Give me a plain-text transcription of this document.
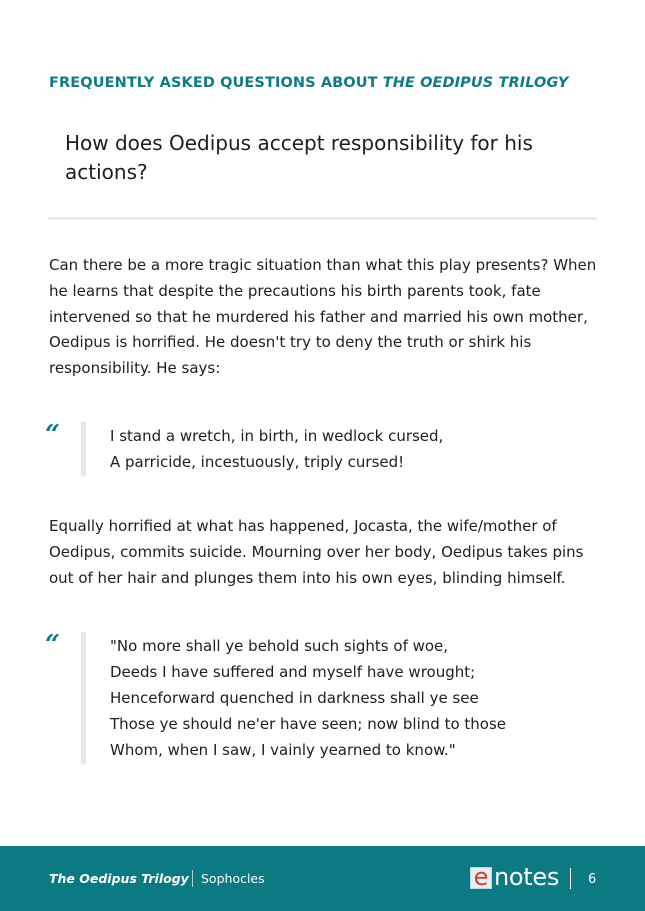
FREQUENTLY ASKED QUESTIONS ABOUT THE OEDIPUS TRILOGY
How does Oedipus accept responsibility for his actions?

Can there be a more tragic situation than what this play presents? When he learns that despite the precautions his birth parents took, fate intervened so that he murdered his father and married his own mother, Oedipus is horrified. He doesn't try to deny the truth or shirk his responsibility. He says:

“	I stand a wretch, in birth, in wedlock cursed,
A parricide, incestuously, triply cursed!

Equally horrified at what has happened, Jocasta, the wife/mother of Oedipus, commits suicide. Mourning over her body, Oedipus takes pins out of her hair and plunges them into his own eyes, blinding himself.

“	"No more shall ye behold such sights of woe,
Deeds I have suffered and myself have wrought;
Henceforward quenched in darkness shall ye see
Those ye should ne'er have seen; now blind to those
Whom, when I saw, I vainly yearned to know."
The Oedipus Trilogy Sophocles	e notes 6
